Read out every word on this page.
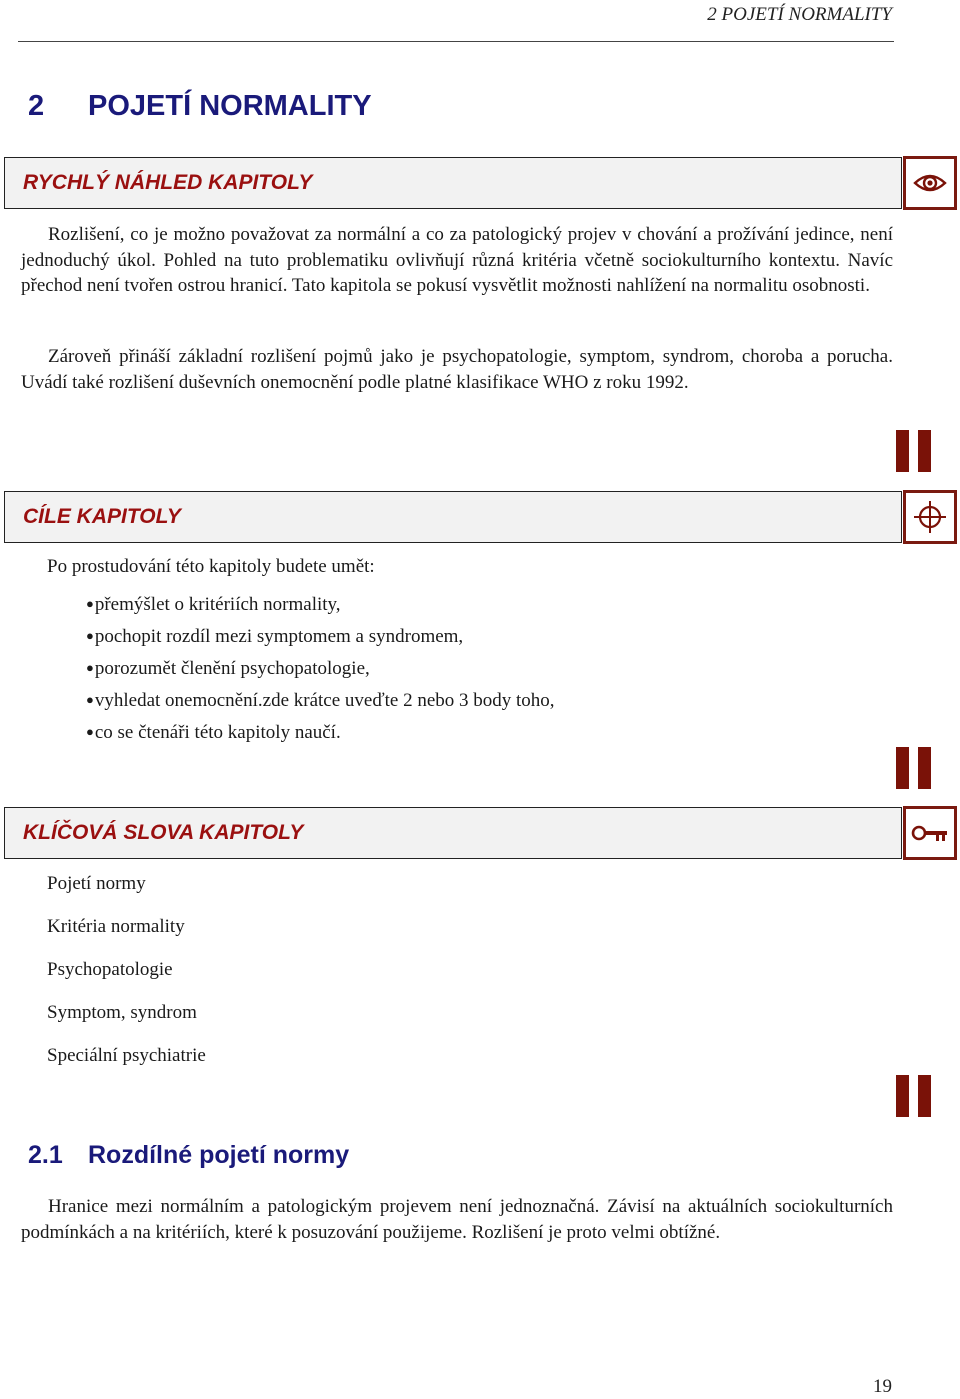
2 POJETÍ NORMALITY
2 POJETÍ NORMALITY
RYCHLÝ NÁHLED KAPITOLY

Rozlišení, co je možno považovat za normální a co za patologický projev v chování a prožívání jedince, není jednoduchý úkol. Pohled na tuto problematiku ovlivňují různá kritéria včetně sociokulturního kontextu. Navíc přechod není tvořen ostrou hranicí. Tato kapitola se pokusí vysvětlit možnosti nahlížení na normalitu osobnosti.

Zároveň přináší základní rozlišení pojmů jako je psychopatologie, symptom, syndrom, choroba a porucha. Uvádí také rozlišení duševních onemocnění podle platné klasifikace WHO z roku 1992.

CÍLE KAPITOLY

Po prostudování této kapitoly budete umět:

●přemýšlet o kritériích normality,
●pochopit rozdíl mezi symptomem a syndromem,
●porozumět členění psychopatologie,
●vyhledat onemocnění.zde krátce uveďte 2 nebo 3 body toho,
●co se čtenáři této kapitoly naučí.
KLÍČOVÁ SLOVA KAPITOLY
Pojetí normy
Kritéria normality
Psychopatologie
Symptom, syndrom
Speciální psychiatrie
2.1 Rozdílné pojetí normy

Hranice mezi normálním a patologickým projevem není jednoznačná. Závisí na aktuálních sociokulturních podmínkách a na kritériích, které k posuzování použijeme. Rozlišení je proto velmi obtížné.

19
